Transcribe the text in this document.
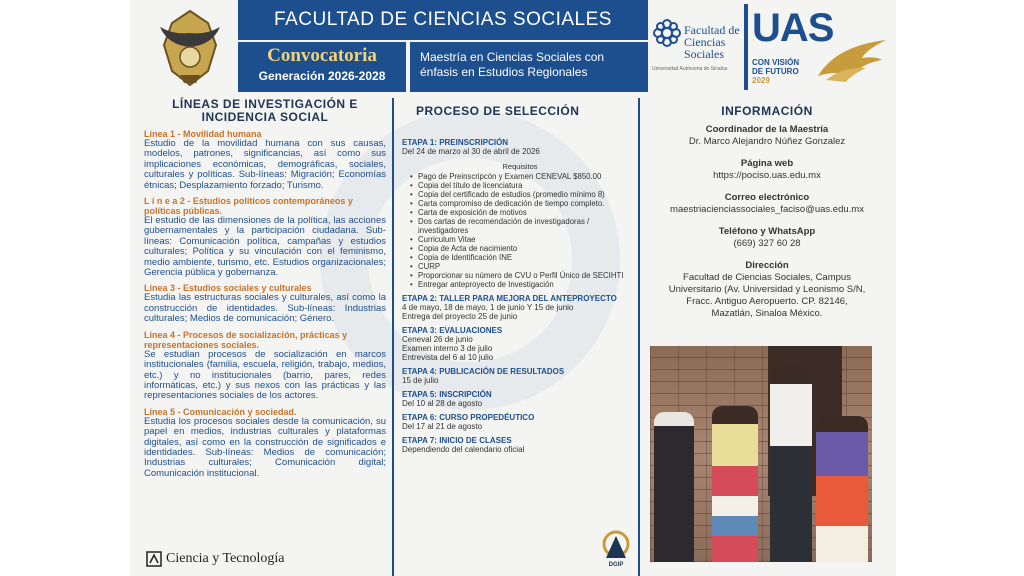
FACULTAD DE CIENCIAS SOCIALES
Convocatoria
Generación 2026-2028
Maestría en Ciencias Sociales con énfasis en Estudios Regionales
Facultad de Ciencias Sociales
Universidad Autónoma de Sinaloa
UAS
CON VISIÓN DE FUTURO
2029
LÍNEAS DE INVESTIGACIÓN E INCIDENCIA SOCIAL
Línea 1 - Movilidad humana
Estudio de la movilidad humana con sus causas, modelos, patrones, significancias, así como sus implicaciones económicas, demográficas, sociales, culturales y políticas. Sub-líneas: Migración; Economías étnicas; Desplazamiento forzado; Turismo.
L í n e a 2 - Estudios políticos contemporáneos y políticas públicas.
El estudio de las dimensiones de la política, las acciones gubernamentales y la participación ciudadana. Sub-líneas: Comunicación política, campañas y estudios culturales; Política y su vinculación con el feminismo, medio ambiente, turismo, etc. Estudios organizacionales; Gerencia pública y gobernanza.
Línea 3 - Estudios sociales y culturales
Estudia las estructuras sociales y culturales, así como la construcción de identidades. Sub-líneas: Industrias culturales; Medios de comunicación; Género.
Línea 4 - Procesos de socialización, prácticas y representaciones sociales.
Se estudian procesos de socialización en marcos institucionales (familia, escuela, religión, trabajo, medios, etc.) y no institucionales (barrio, pares, redes informáticas, etc.) y sus nexos con las prácticas y las representaciones sociales de los actores.
Línea 5 - Comunicación y sociedad.
Estudia los procesos sociales desde la comunicación, su papel en medios, industrias culturales y plataformas digitales, así como en la construcción de significados e identidades. Sub-líneas: Medios de comunicación; Industrias culturales; Comunicación digital; Comunicación institucional.
PROCESO DE SELECCIÓN
ETAPA 1: PREINSCRIPCIÓN
Del 24 de marzo al 30 de abril de 2026
Requisitos
• Pago de Preinscripcón y Examen CENEVAL $850.00
• Copia del título de licenciatura
• Copia del certificado de estudios (promedio mínimo 8)
• Carta compromiso de dedicación de tiempo completo.
• Carta de exposición de motivos
• Dos cartas de recomendación de investigadoras / investigadores
• Curriculum Vitae
• Copia de Acta de nacimiento
• Copia de Identificación INE
• CURP
• Proporcionar su número de CVU o Perfil Único de SECIHTI
• Entregar anteproyecto de Investigación
ETAPA 2: TALLER PARA MEJORA DEL ANTEPROYECTO
4 de mayo, 18 de mayo, 1 de junio Y 15 de junio
Entrega del proyecto 25 de junio
ETAPA 3: EVALUACIONES
Ceneval 26 de junio
Examen interno 3 de julio
Entrevista del 6 al 10 julio
ETAPA 4: PUBLICACIÓN DE RESULTADOS
15 de julio
ETAPA 5: INSCRIPCIÓN
Del 10 al 28 de agosto
ETAPA 6: CURSO PROPEDÉUTICO
Del 17 al 21 de agosto
ETAPA 7: INICIO DE CLASES
Dependiendo del calendario oficial
INFORMACIÓN
Coordinador de la Maestría
Dr. Marco Alejandro Núñez Gonzalez
Página web
https://pociso.uas.edu.mx
Correo electrónico
maestriacienciassociales_faciso@uas.edu.mx
Teléfono y WhatsApp
(669) 327 60 28
Dirección
Facultad de Ciencias Sociales, Campus
Universitario (Av. Universidad y Leonismo S/N,
Fracc. Antiguo Aeropuerto. CP. 82146,
Mazatlán, Sinaloa México.
Ciencia y Tecnología	DGIP
